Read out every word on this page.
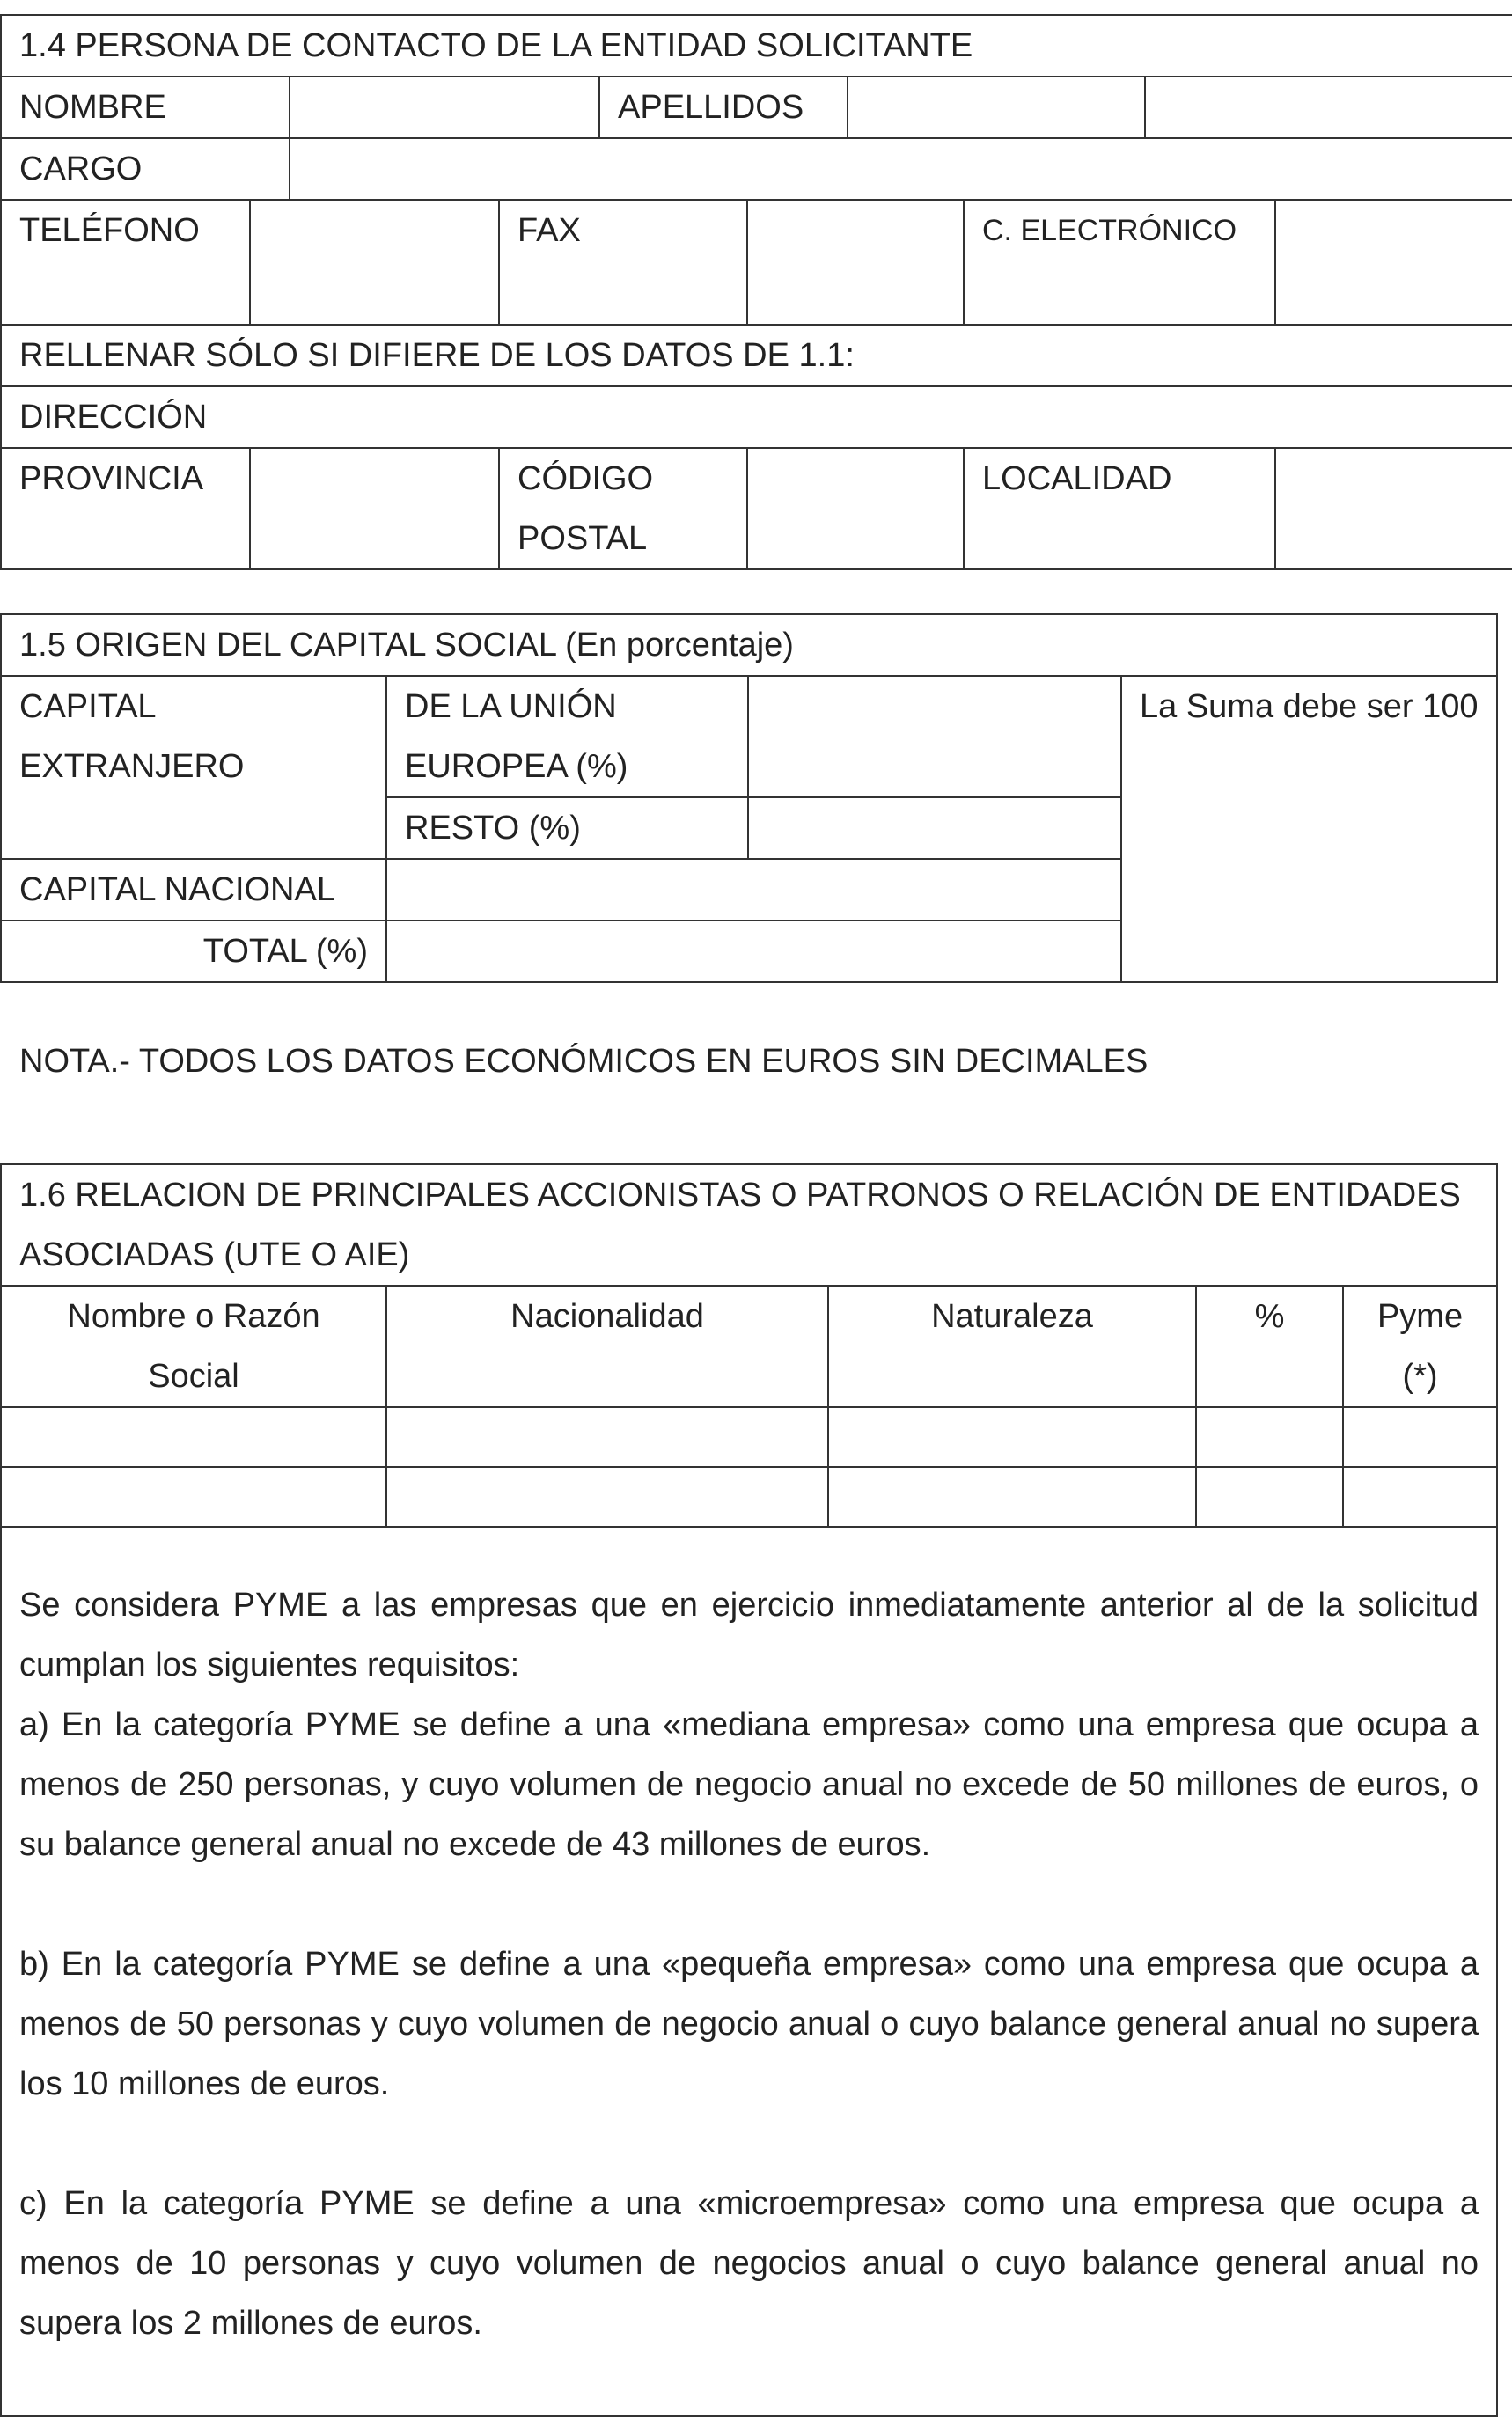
1.4 PERSONA DE CONTACTO DE LA ENTIDAD SOLICITANTE									
NOMBRE				APELLIDOS					
CARGO									
TELÉFONO			FAX				C. ELECTRÓNICO		
RELLENAR SÓLO SI DIFIERE DE LOS DATOS DE 1.1:									
DIRECCIÓN									
PROVINCIA			CÓDIGO POSTAL				LOCALIDAD		
1.5 ORIGEN DEL CAPITAL SOCIAL (En porcentaje)			
CAPITAL EXTRANJERO	DE LA UNIÓN EUROPEA (%)		La Suma debe ser 100
	RESTO (%)		
CAPITAL NACIONAL			
TOTAL (%)			
NOTA.- TODOS LOS DATOS ECONÓMICOS EN EUROS SIN DECIMALES
1.6 RELACION DE PRINCIPALES ACCIONISTAS O PATRONOS O RELACIÓN DE ENTIDADES ASOCIADAS (UTE O AIE)				
Nombre o Razón Social	Nacionalidad	Naturaleza	%	Pyme (*)

Se considera PYME a las empresas que en ejercicio inmediatamente anterior al de la solicitud cumplan los siguientes requisitos:

a) En la categoría PYME se define a una «mediana empresa» como una empresa que ocupa a menos de 250 personas, y cuyo volumen de negocio anual no excede de 50 millones de euros, o su balance general anual no excede de 43 millones de euros.

b) En la categoría PYME se define a una «pequeña empresa» como una empresa que ocupa a menos de 50 personas y cuyo volumen de negocio anual o cuyo balance general anual no supera los 10 millones de euros.

c) En la categoría PYME se define a una «microempresa» como una empresa que ocupa a menos de 10 personas y cuyo volumen de negocios anual o cuyo balance general anual no supera los 2 millones de euros.				
